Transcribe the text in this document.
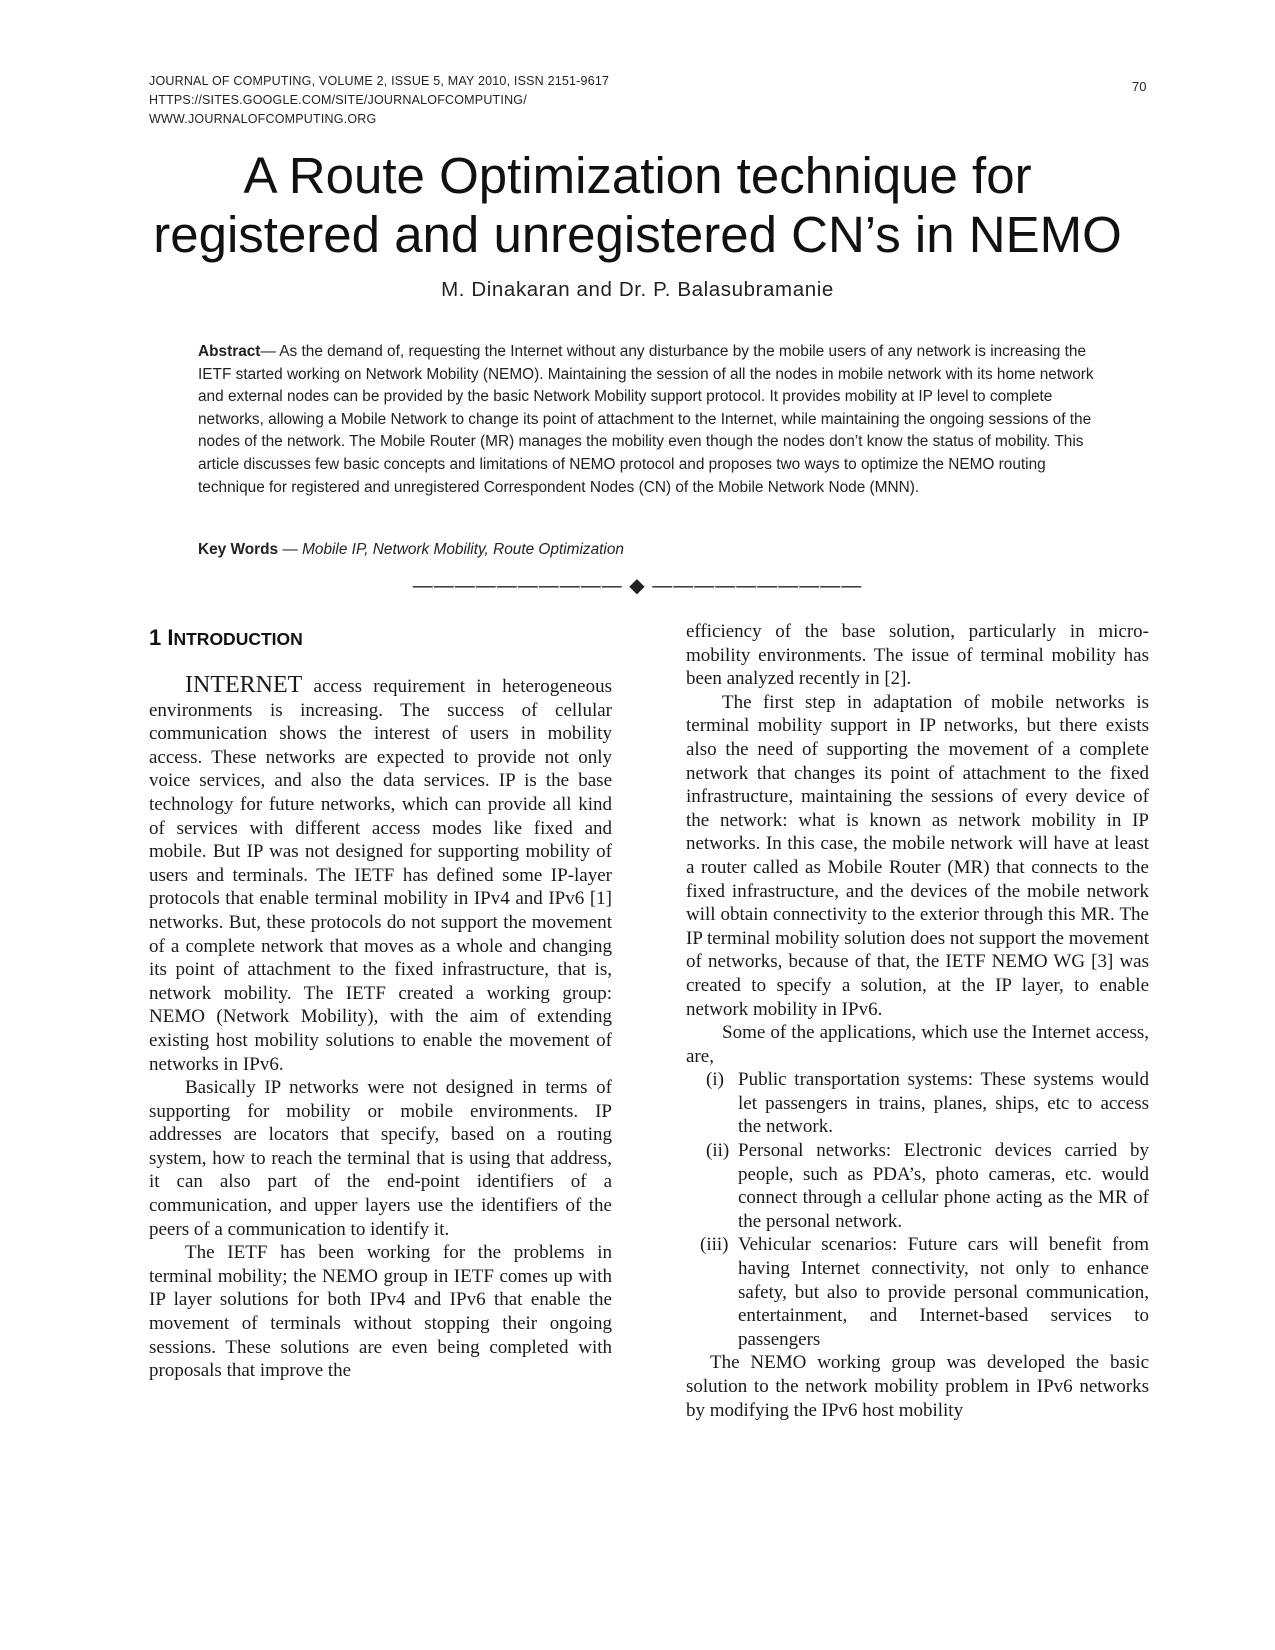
JOURNAL OF COMPUTING, VOLUME 2, ISSUE 5, MAY 2010, ISSN 2151-9617
HTTPS://SITES.GOOGLE.COM/SITE/JOURNALOFCOMPUTING/
WWW.JOURNALOFCOMPUTING.ORG
70
A Route Optimization technique for
registered and unregistered CN’s in NEMO
M. Dinakaran and Dr. P. Balasubramanie

Abstract— As the demand of, requesting the Internet without any disturbance by the mobile users of any network is increasing the IETF started working on Network Mobility (NEMO). Maintaining the session of all the nodes in mobile network with its home network and external nodes can be provided by the basic Network Mobility support protocol. It provides mobility at IP level to complete networks, allowing a Mobile Network to change its point of attachment to the Internet, while maintaining the ongoing sessions of the nodes of the network. The Mobile Router (MR) manages the mobility even though the nodes don’t know the status of mobility. This article discusses few basic concepts and limitations of NEMO protocol and proposes two ways to optimize the NEMO routing technique for registered and unregistered Correspondent Nodes (CN) of the Mobile Network Node (MNN).

Key Words — Mobile IP, Network Mobility, Route Optimization
—————————— ◆ ——————————
1 INTRODUCTION

INTERNET access requirement in heterogeneous environments is increasing. The success of cellular communication shows the interest of users in mobility access. These networks are expected to provide not only voice services, and also the data services. IP is the base technology for future networks, which can provide all kind of services with different access modes like fixed and mobile. But IP was not designed for supporting mobility of users and terminals. The IETF has defined some IP-layer protocols that enable terminal mobility in IPv4 and IPv6 [1] networks. But, these protocols do not support the movement of a complete network that moves as a whole and changing its point of attachment to the fixed infrastructure, that is, network mobility. The IETF created a working group: NEMO (Network Mobility), with the aim of extending existing host mobility solutions to enable the movement of networks in IPv6.

Basically IP networks were not designed in terms of supporting for mobility or mobile environments. IP addresses are locators that specify, based on a routing system, how to reach the terminal that is using that address, it can also part of the end-point identifiers of a communication, and upper layers use the identifiers of the peers of a communication to identify it.

The IETF has been working for the problems in terminal mobility; the NEMO group in IETF comes up with IP layer solutions for both IPv4 and IPv6 that enable the movement of terminals without stopping their ongoing sessions. These solutions are even being completed with proposals that improve the

efficiency of the base solution, particularly in micro-mobility environments. The issue of terminal mobility has been analyzed recently in [2].

The first step in adaptation of mobile networks is terminal mobility support in IP networks, but there exists also the need of supporting the movement of a complete network that changes its point of attachment to the fixed infrastructure, maintaining the sessions of every device of the network: what is known as network mobility in IP networks. In this case, the mobile network will have at least a router called as Mobile Router (MR) that connects to the fixed infrastructure, and the devices of the mobile network will obtain connectivity to the exterior through this MR. The IP terminal mobility solution does not support the movement of networks, because of that, the IETF NEMO WG [3] was created to specify a solution, at the IP layer, to enable network mobility in IPv6.

Some of the applications, which use the Internet access, are,

(i) Public transportation systems: These systems would let passengers in trains, planes, ships, etc to access the network.
(ii) Personal networks: Electronic devices carried by people, such as PDA’s, photo cameras, etc. would connect through a cellular phone acting as the MR of the personal network.
(iii) Vehicular scenarios: Future cars will benefit from having Internet connectivity, not only to enhance safety, but also to provide personal communication, entertainment, and Internet-based services to passengers

The NEMO working group was developed the basic solution to the network mobility problem in IPv6 networks by modifying the IPv6 host mobility
